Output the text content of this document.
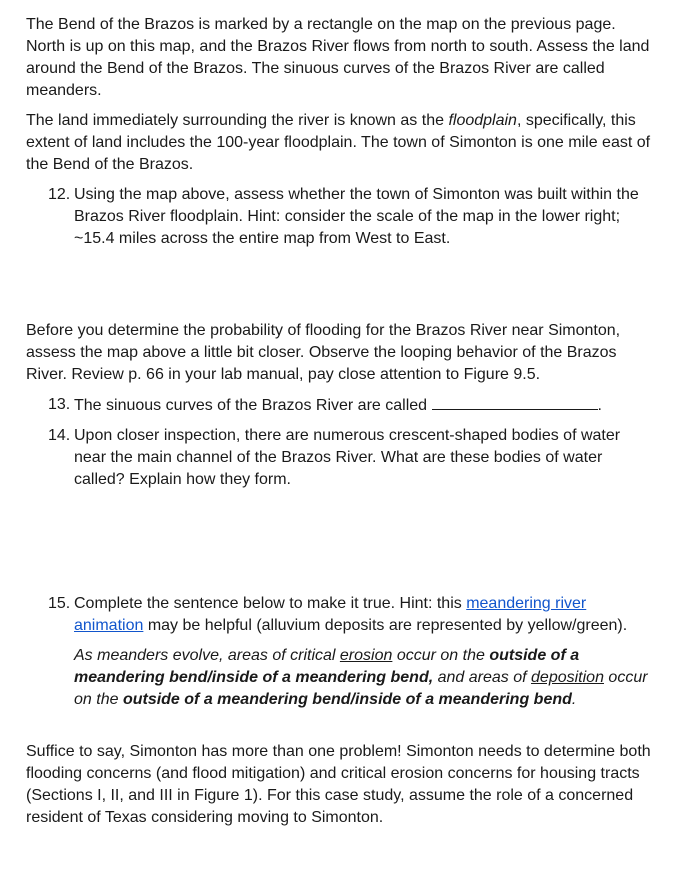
The Bend of the Brazos is marked by a rectangle on the map on the previous page. North is up on this map, and the Brazos River flows from north to south. Assess the land around the Bend of the Brazos. The sinuous curves of the Brazos River are called meanders.

The land immediately surrounding the river is known as the floodplain, specifically, this extent of land includes the 100-year floodplain. The town of Simonton is one mile east of the Bend of the Brazos.

12. Using the map above, assess whether the town of Simonton was built within the Brazos River floodplain. Hint: consider the scale of the map in the lower right; ~15.4 miles across the entire map from West to East.

Before you determine the probability of flooding for the Brazos River near Simonton, assess the map above a little bit closer. Observe the looping behavior of the Brazos River. Review p. 66 in your lab manual, pay close attention to Figure 9.5.

13. The sinuous curves of the Brazos River are called	.
14. Upon closer inspection, there are numerous crescent-shaped bodies of water near the main channel of the Brazos River. What are these bodies of water called? Explain how they form.
15. Complete the sentence below to make it true. Hint: this meandering river animation may be helpful (alluvium deposits are represented by yellow/green).

As meanders evolve, areas of critical erosion occur on the outside of a meandering bend/inside of a meandering bend, and areas of deposition occur on the outside of a meandering bend/inside of a meandering bend.

Suffice to say, Simonton has more than one problem! Simonton needs to determine both flooding concerns (and flood mitigation) and critical erosion concerns for housing tracts (Sections I, II, and III in Figure 1). For this case study, assume the role of a concerned resident of Texas considering moving to Simonton.
